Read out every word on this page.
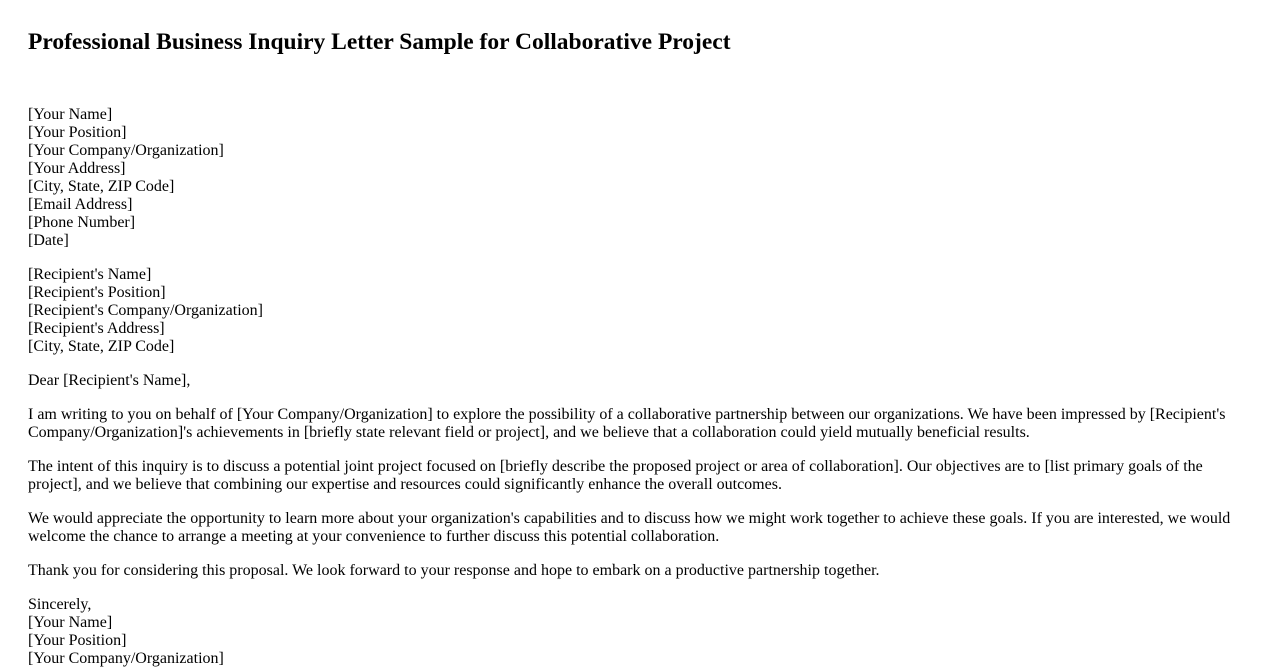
Professional Business Inquiry Letter Sample for Collaborative Project
[Your Name]
[Your Position]
[Your Company/Organization]
[Your Address]
[City, State, ZIP Code]
[Email Address]
[Phone Number]
[Date]
[Recipient's Name]
[Recipient's Position]
[Recipient's Company/Organization]
[Recipient's Address]
[City, State, ZIP Code]

Dear [Recipient's Name],

I am writing to you on behalf of [Your Company/Organization] to explore the possibility of a collaborative partnership between our organizations. We have been impressed by [Recipient's Company/Organization]'s achievements in [briefly state relevant field or project], and we believe that a collaboration could yield mutually beneficial results.

The intent of this inquiry is to discuss a potential joint project focused on [briefly describe the proposed project or area of collaboration]. Our objectives are to [list primary goals of the project], and we believe that combining our expertise and resources could significantly enhance the overall outcomes.

We would appreciate the opportunity to learn more about your organization's capabilities and to discuss how we might work together to achieve these goals. If you are interested, we would welcome the chance to arrange a meeting at your convenience to further discuss this potential collaboration.

Thank you for considering this proposal. We look forward to your response and hope to embark on a productive partnership together.

Sincerely,
[Your Name]
[Your Position]
[Your Company/Organization]
